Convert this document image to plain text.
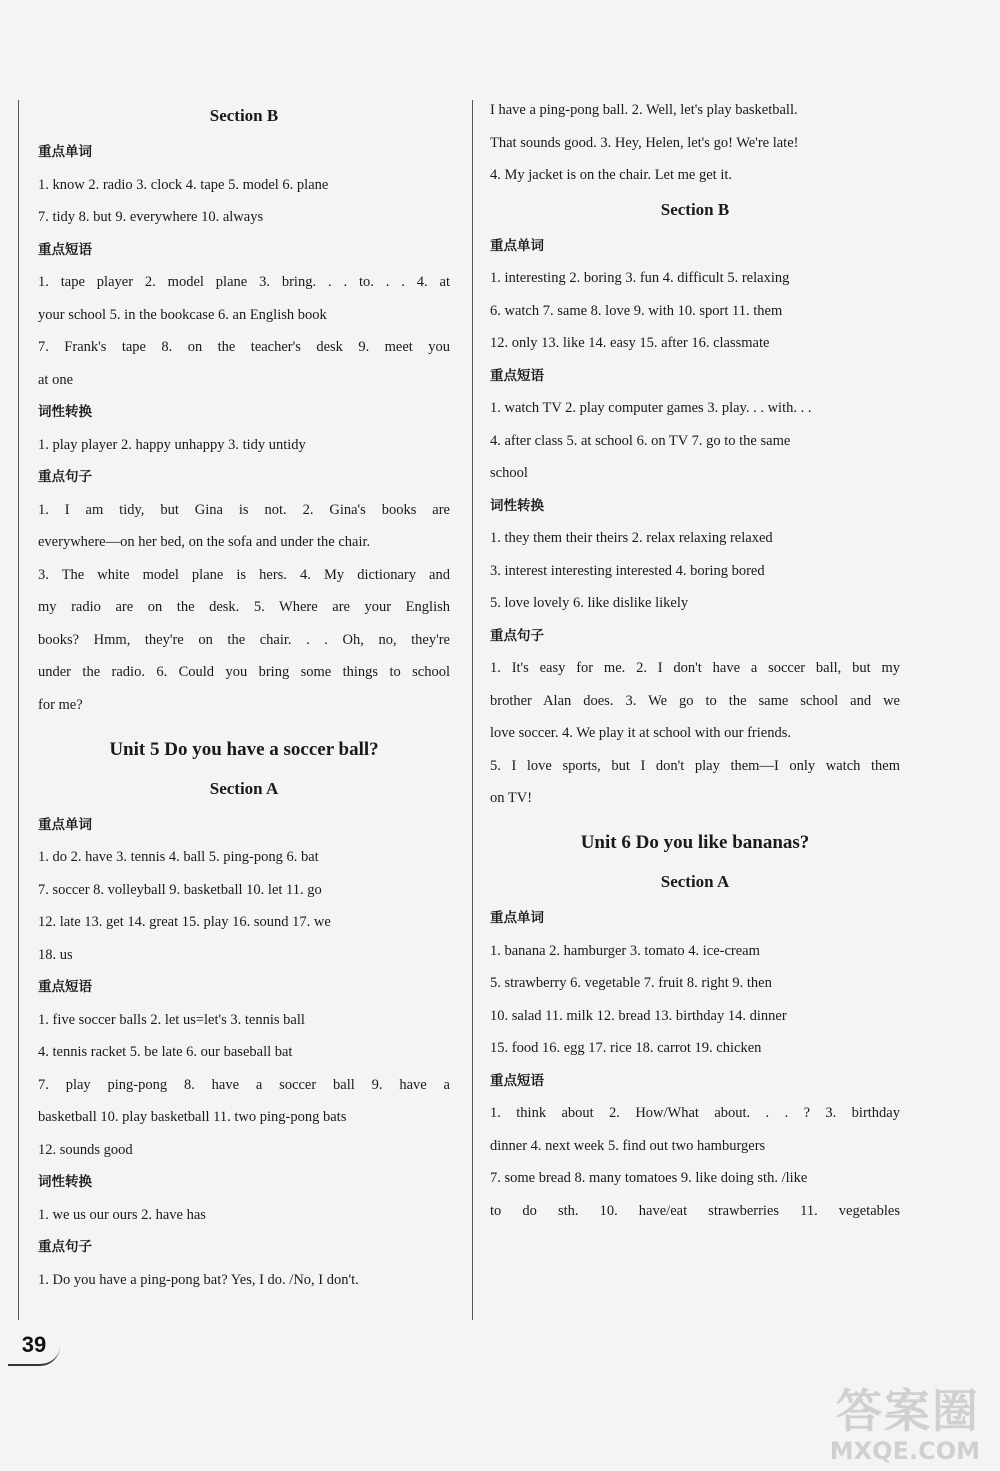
Section B
重点单词
1. know 2. radio 3. clock 4. tape 5. model 6. plane
7. tidy 8. but 9. everywhere 10. always
重点短语
1. tape player 2. model plane 3. bring. . . to. . . 4. at
your school 5. in the bookcase 6. an English book
7. Frank's tape 8. on the teacher's desk 9. meet you
at one
词性转换
1. play player 2. happy unhappy 3. tidy untidy
重点句子
1. I am tidy, but Gina is not. 2. Gina's books are
everywhere—on her bed, on the sofa and under the chair.
3. The white model plane is hers. 4. My dictionary and
my radio are on the desk. 5. Where are your English
books? Hmm, they're on the chair. . . Oh, no, they're
under the radio. 6. Could you bring some things to school
for me?
Unit 5 Do you have a soccer ball?
Section A
重点单词
1. do 2. have 3. tennis 4. ball 5. ping-pong 6. bat
7. soccer 8. volleyball 9. basketball 10. let 11. go
12. late 13. get 14. great 15. play 16. sound 17. we
18. us
重点短语
1. five soccer balls 2. let us=let's 3. tennis ball
4. tennis racket 5. be late 6. our baseball bat
7. play ping-pong 8. have a soccer ball 9. have a
basketball 10. play basketball 11. two ping-pong bats
12. sounds good
词性转换
1. we us our ours 2. have has
重点句子
1. Do you have a ping-pong bat? Yes, I do. /No, I don't.
I have a ping-pong ball. 2. Well, let's play basketball.
That sounds good. 3. Hey, Helen, let's go! We're late!
4. My jacket is on the chair. Let me get it.
Section B
重点单词
1. interesting 2. boring 3. fun 4. difficult 5. relaxing
6. watch 7. same 8. love 9. with 10. sport 11. them
12. only 13. like 14. easy 15. after 16. classmate
重点短语
1. watch TV 2. play computer games 3. play. . . with. . .
4. after class 5. at school 6. on TV 7. go to the same
school
词性转换
1. they them their theirs 2. relax relaxing relaxed
3. interest interesting interested 4. boring bored
5. love lovely 6. like dislike likely
重点句子
1. It's easy for me. 2. I don't have a soccer ball, but my
brother Alan does. 3. We go to the same school and we
love soccer. 4. We play it at school with our friends.
5. I love sports, but I don't play them—I only watch them
on TV!
Unit 6 Do you like bananas?
Section A
重点单词
1. banana 2. hamburger 3. tomato 4. ice-cream
5. strawberry 6. vegetable 7. fruit 8. right 9. then
10. salad 11. milk 12. bread 13. birthday 14. dinner
15. food 16. egg 17. rice 18. carrot 19. chicken
重点短语
1. think about 2. How/What about. . . ? 3. birthday
dinner 4. next week 5. find out two hamburgers
7. some bread 8. many tomatoes 9. like doing sth. /like
to do sth. 10. have/eat strawberries 11. vegetables
39
答案圈
MXQE.COM
